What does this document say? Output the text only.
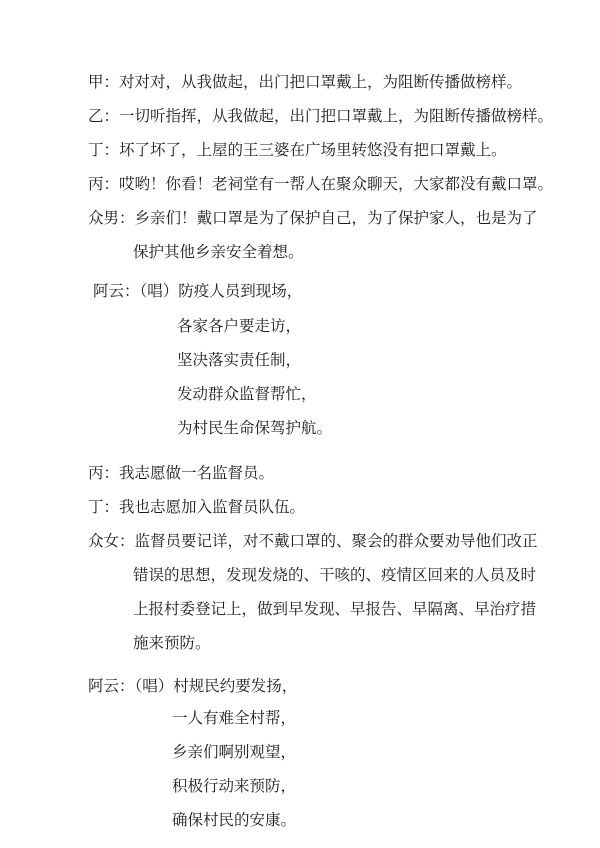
甲：对对对，从我做起，出门把口罩戴上，为阻断传播做榜样。
乙：一切听指挥，从我做起，出门把口罩戴上，为阻断传播做榜样。
丁：坏了坏了，上屋的王三婆在广场里转悠没有把口罩戴上。
丙：哎哟！你看！老祠堂有一帮人在聚众聊天，大家都没有戴口罩。
众男：乡亲们！戴口罩是为了保护自己，为了保护家人，也是为了
保护其他乡亲安全着想。
阿云：（唱）防疫人员到现场，
各家各户要走访，
坚决落实责任制，
发动群众监督帮忙，
为村民生命保驾护航。
丙：我志愿做一名监督员。
丁：我也志愿加入监督员队伍。
众女：监督员要记详，对不戴口罩的、聚会的群众要劝导他们改正
错误的思想，发现发烧的、干咳的、疫情区回来的人员及时
上报村委登记上，做到早发现、早报告、早隔离、早治疗措
施来预防。
阿云：（唱）村规民约要发扬，
一人有难全村帮，
乡亲们啊别观望，
积极行动来预防，
确保村民的安康。
